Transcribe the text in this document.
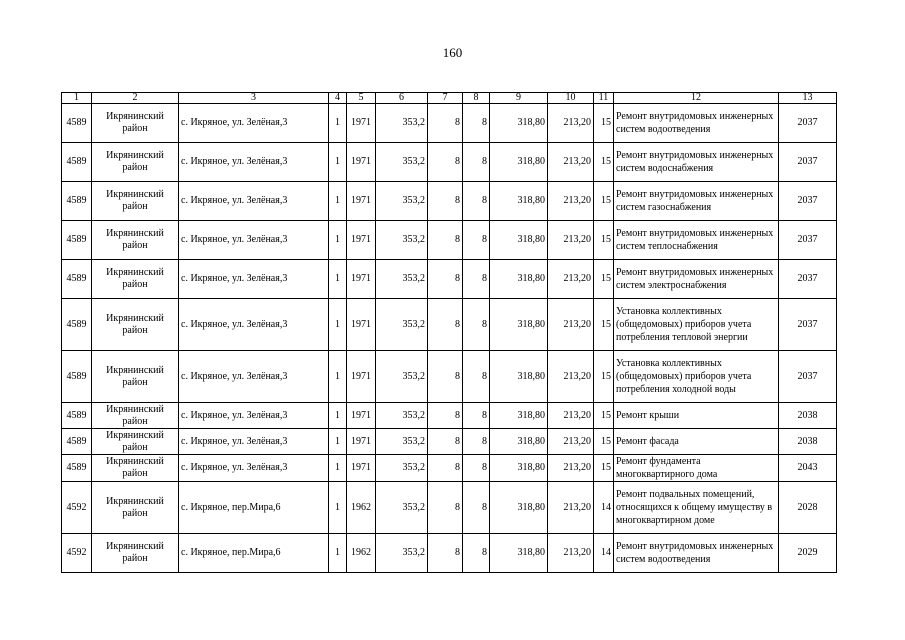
160
1	2	3	4	5	6	7	8	9	10	11	12	13
4589	Икрянинский район	с. Икряное, ул. Зелёная,3	1	1971	353,2	8	8	318,80	213,20	15	Ремонт внутридомовых инженерных систем водоотведения	2037
4589	Икрянинский район	с. Икряное, ул. Зелёная,3	1	1971	353,2	8	8	318,80	213,20	15	Ремонт внутридомовых инженерных систем водоснабжения	2037
4589	Икрянинский район	с. Икряное, ул. Зелёная,3	1	1971	353,2	8	8	318,80	213,20	15	Ремонт внутридомовых инженерных систем газоснабжения	2037
4589	Икрянинский район	с. Икряное, ул. Зелёная,3	1	1971	353,2	8	8	318,80	213,20	15	Ремонт внутридомовых инженерных систем теплоснабжения	2037
4589	Икрянинский район	с. Икряное, ул. Зелёная,3	1	1971	353,2	8	8	318,80	213,20	15	Ремонт внутридомовых инженерных систем электроснабжения	2037
4589	Икрянинский район	с. Икряное, ул. Зелёная,3	1	1971	353,2	8	8	318,80	213,20	15	Установка коллективных (общедомовых) приборов учета потребления тепловой энергии	2037
4589	Икрянинский район	с. Икряное, ул. Зелёная,3	1	1971	353,2	8	8	318,80	213,20	15	Установка коллективных (общедомовых) приборов учета потребления холодной воды	2037
4589	Икрянинский район	с. Икряное, ул. Зелёная,3	1	1971	353,2	8	8	318,80	213,20	15	Ремонт крыши	2038
4589	Икрянинский район	с. Икряное, ул. Зелёная,3	1	1971	353,2	8	8	318,80	213,20	15	Ремонт фасада	2038
4589	Икрянинский район	с. Икряное, ул. Зелёная,3	1	1971	353,2	8	8	318,80	213,20	15	Ремонт фундамента многоквартирного дома	2043
4592	Икрянинский район	с. Икряное, пер.Мира,6	1	1962	353,2	8	8	318,80	213,20	14	Ремонт подвальных помещений, относящихся к общему имуществу в многоквартирном доме	2028
4592	Икрянинский район	с. Икряное, пер.Мира,6	1	1962	353,2	8	8	318,80	213,20	14	Ремонт внутридомовых инженерных систем водоотведения	2029
